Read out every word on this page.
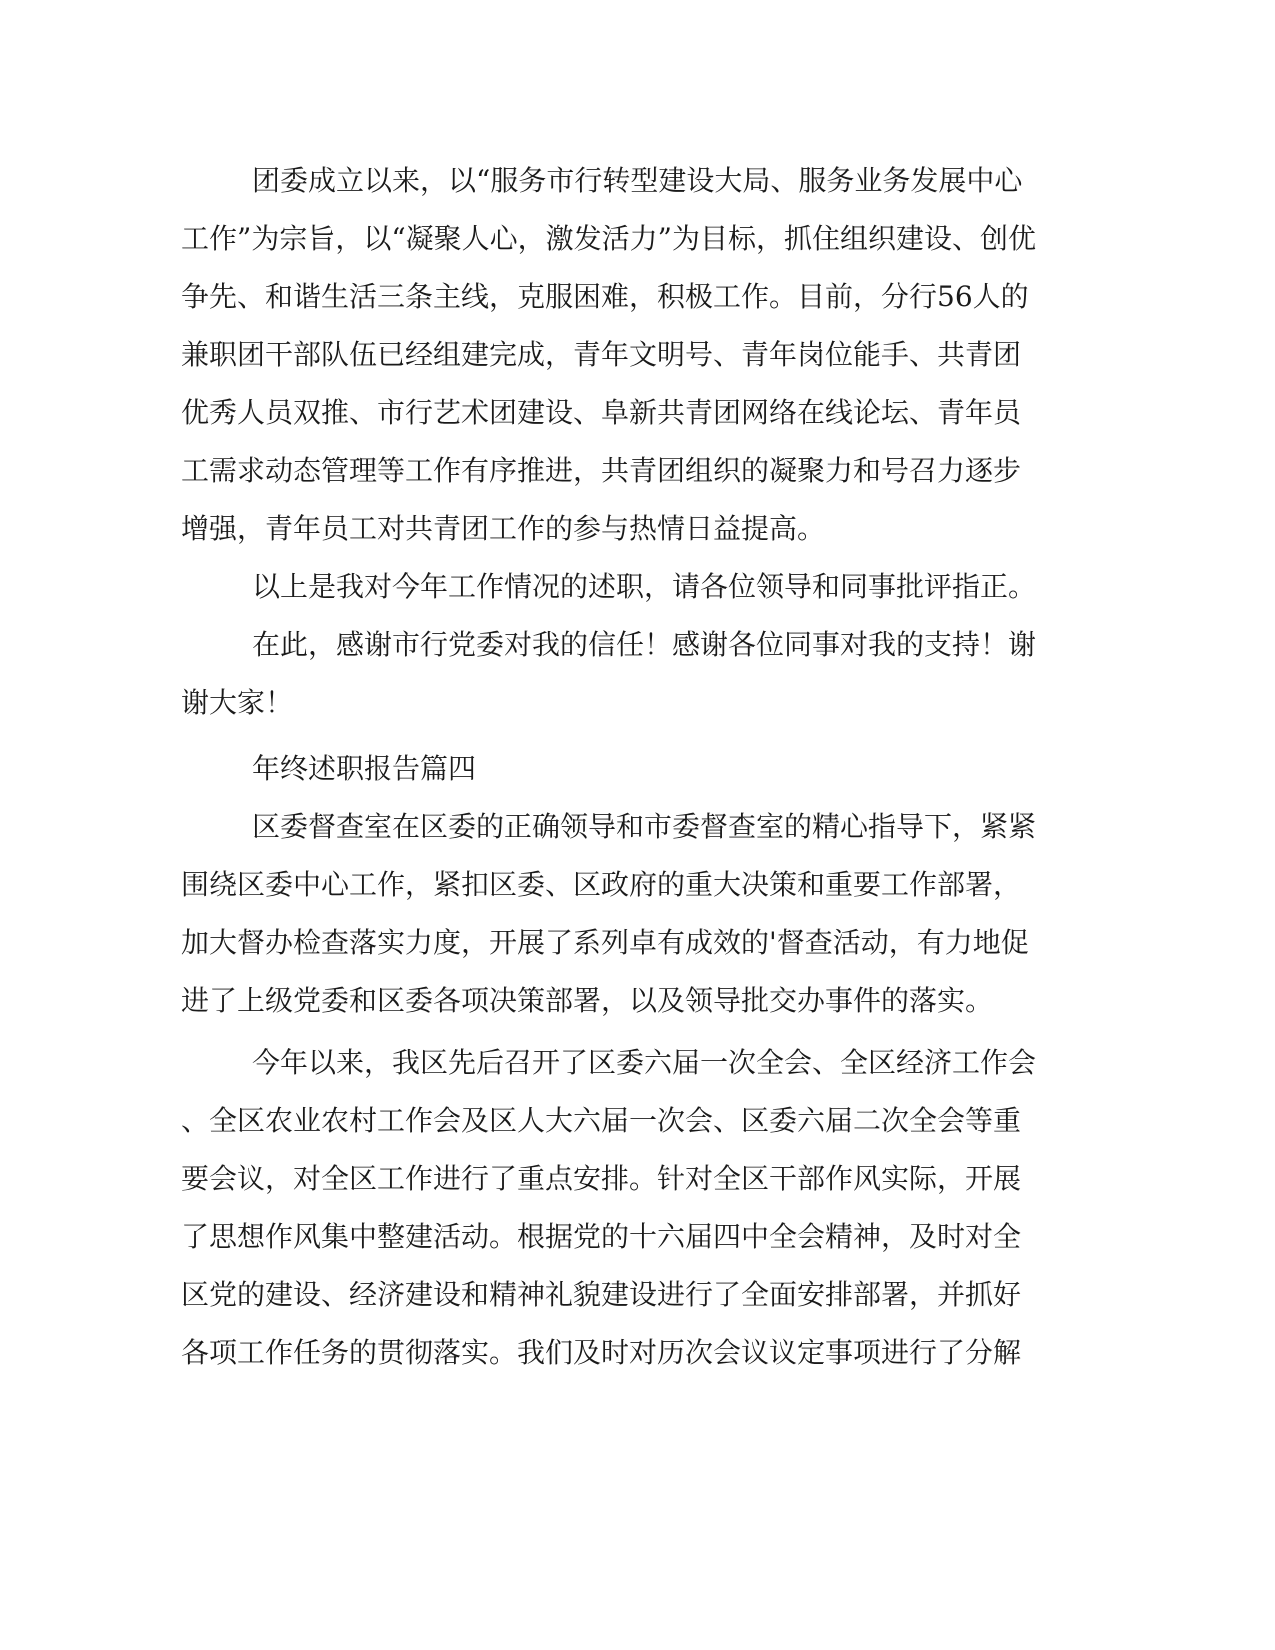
团委成立以来，以“服务市行转型建设大局、服务业务发展中心

工作”为宗旨，以“凝聚人心，激发活力”为目标，抓住组织建设、创优

争先、和谐生活三条主线，克服困难，积极工作。目前，分行56人的

兼职团干部队伍已经组建完成，青年文明号、青年岗位能手、共青团

优秀人员双推、市行艺术团建设、阜新共青团网络在线论坛、青年员

工需求动态管理等工作有序推进，共青团组织的凝聚力和号召力逐步

增强，青年员工对共青团工作的参与热情日益提高。

以上是我对今年工作情况的述职，请各位领导和同事批评指正。

在此，感谢市行党委对我的信任！感谢各位同事对我的支持！谢

谢大家！

年终述职报告篇四

区委督查室在区委的正确领导和市委督查室的精心指导下，紧紧

围绕区委中心工作，紧扣区委、区政府的重大决策和重要工作部署，

加大督办检查落实力度，开展了系列卓有成效的'督查活动，有力地促

进了上级党委和区委各项决策部署，以及领导批交办事件的落实。

今年以来，我区先后召开了区委六届一次全会、全区经济工作会

、全区农业农村工作会及区人大六届一次会、区委六届二次全会等重

要会议，对全区工作进行了重点安排。针对全区干部作风实际，开展

了思想作风集中整建活动。根据党的十六届四中全会精神，及时对全

区党的建设、经济建设和精神礼貌建设进行了全面安排部署，并抓好

各项工作任务的贯彻落实。我们及时对历次会议议定事项进行了分解
